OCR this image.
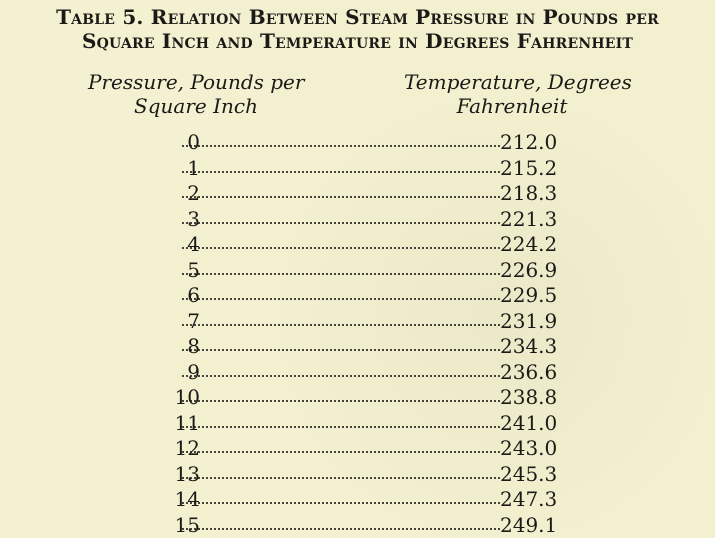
Table 5. Relation Between Steam Pressure in Pounds per
Square Inch and Temperature in Degrees Fahrenheit
Pressure, Pounds per
Square Inch
Temperature, Degrees
Fahrenheit
0	212.0
1	215.2
2	218.3
3	221.3
4	224.2
5	226.9
6	229.5
7	231.9
8	234.3
9	236.6
10	238.8
11	241.0
12	243.0
13	245.3
14	247.3
15	249.1
